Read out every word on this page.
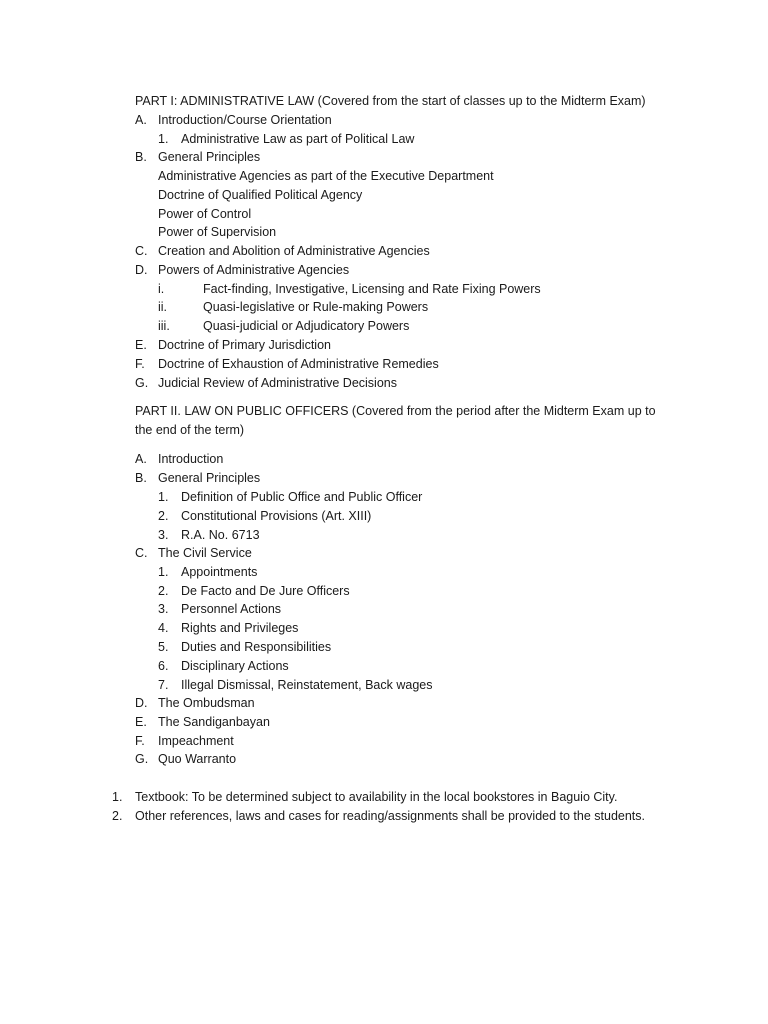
PART I: ADMINISTRATIVE LAW (Covered from the start of classes up to the Midterm Exam)
A. Introduction/Course Orientation
1. Administrative Law as part of Political Law
B. General Principles
Administrative Agencies as part of the Executive Department
Doctrine of Qualified Political Agency
Power of Control
Power of Supervision
C. Creation and Abolition of Administrative Agencies
D. Powers of Administrative Agencies
i.	Fact-finding, Investigative, Licensing and Rate Fixing Powers
ii.	Quasi-legislative or Rule-making Powers
iii.	Quasi-judicial or Adjudicatory Powers
E. Doctrine of Primary Jurisdiction
F. Doctrine of Exhaustion of Administrative Remedies
G. Judicial Review of Administrative Decisions
PART II. LAW ON PUBLIC OFFICERS (Covered from the period after the Midterm Exam up to the end of the term)
A. Introduction
B. General Principles
1. Definition of Public Office and Public Officer
2. Constitutional Provisions (Art. XIII)
3. R.A. No. 6713
C. The Civil Service
1. Appointments
2. De Facto and De Jure Officers
3. Personnel Actions
4. Rights and Privileges
5. Duties and Responsibilities
6. Disciplinary Actions
7. Illegal Dismissal, Reinstatement, Back wages
D. The Ombudsman
E. The Sandiganbayan
F. Impeachment
G. Quo Warranto
1. Textbook: To be determined subject to availability in the local bookstores in Baguio City.
2. Other references, laws and cases for reading/assignments shall be provided to the students.
